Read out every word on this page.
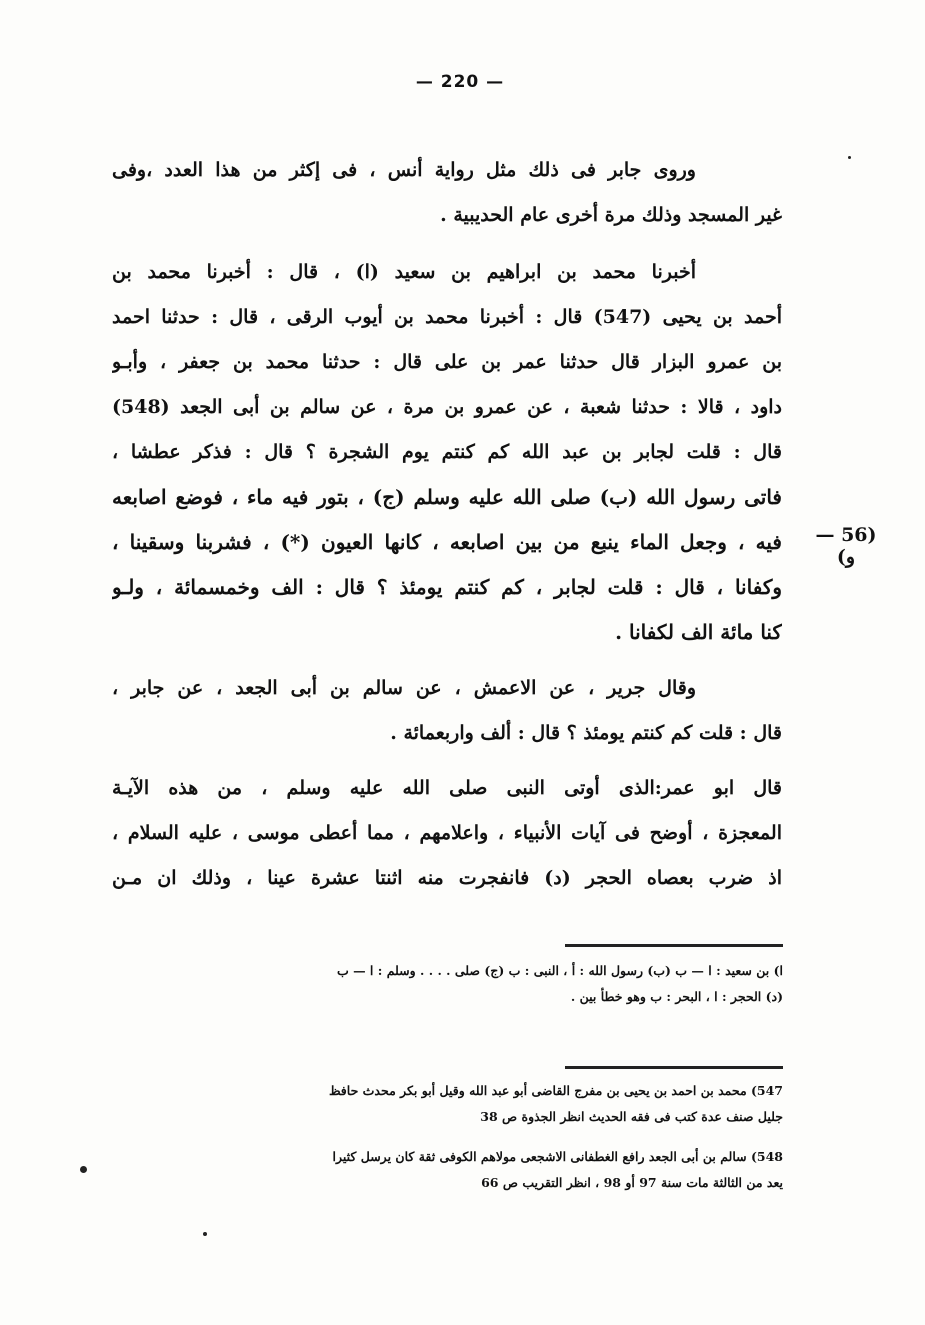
— 220 —
وروى جابر فى ذلك مثل رواية أنس ، فى إكثر من هذا العدد ،وفى
غير المسجد وذلك مرة أخرى عام الحديبية .
أخبرنا محمد بن ابراهيم بن سعيد (ا) ، قال : أخبرنا محمد بن
أحمد بن يحيى (547) قال : أخبرنا محمد بن أيوب الرقى ، قال : حدثنا احمد
بن عمرو البزار قال حدثنا عمر بن على قال : حدثنا محمد بن جعفر ، وأبـو
داود ، قالا : حدثنا شعبة ، عن عمرو بن مرة ، عن سالم بن أبى الجعد (548)
قال : قلت لجابر بن عبد الله كم كنتم يوم الشجرة ؟ قال : فذكر عطشا ،
فاتى رسول الله (ب) صلى الله عليه وسلم (ج) ، بتور فيه ماء ، فوضع اصابعه
فيه ، وجعل الماء ينبع من بين اصابعه ، كانها العيون (*) ، فشربنا وسقينا ،
وكفانا ، قال : قلت لجابر ، كم كنتم يومئذ ؟ قال : الف وخمسمائة ، ولـو
كنا مائة الف لكفانا .
(56 — و)
وقال جرير ، عن الاعمش ، عن سالم بن أبى الجعد ، عن جابر ،
قال : قلت كم كنتم يومئذ ؟ قال : ألف واربعمائة .
قال ابو عمر:الذى أوتى النبى صلى الله عليه وسلم ، من هذه الآيـة
المعجزة ، أوضح فى آيات الأنبياء ، واعلامهم ، مما أعطى موسى ، عليه السلام ،
اذ ضرب بعصاه الحجر (د) فانفجرت منه اثنتا عشرة عينا ، وذلك ان مـن
ا) بن سعيد : ا — ب (ب) رسول الله : أ ، النبى : ب (ج) صلى . . . . وسلم : ا — ب
(د) الحجر : ا ، البحر : ب وهو خطأ بين .
547) محمد بن احمد بن يحيى بن مفرج القاضى أبو عبد الله وقيل أبو بكر محدث حافظ
جليل صنف عدة كتب فى فقه الحديث انظر الجذوة ص 38
548) سالم بن أبى الجعد رافع الغطفانى الاشجعى مولاهم الكوفى ثقة كان يرسل كثيرا
يعد من الثالثة مات سنة 97 أو 98 ، انظر التقريب ص 66
